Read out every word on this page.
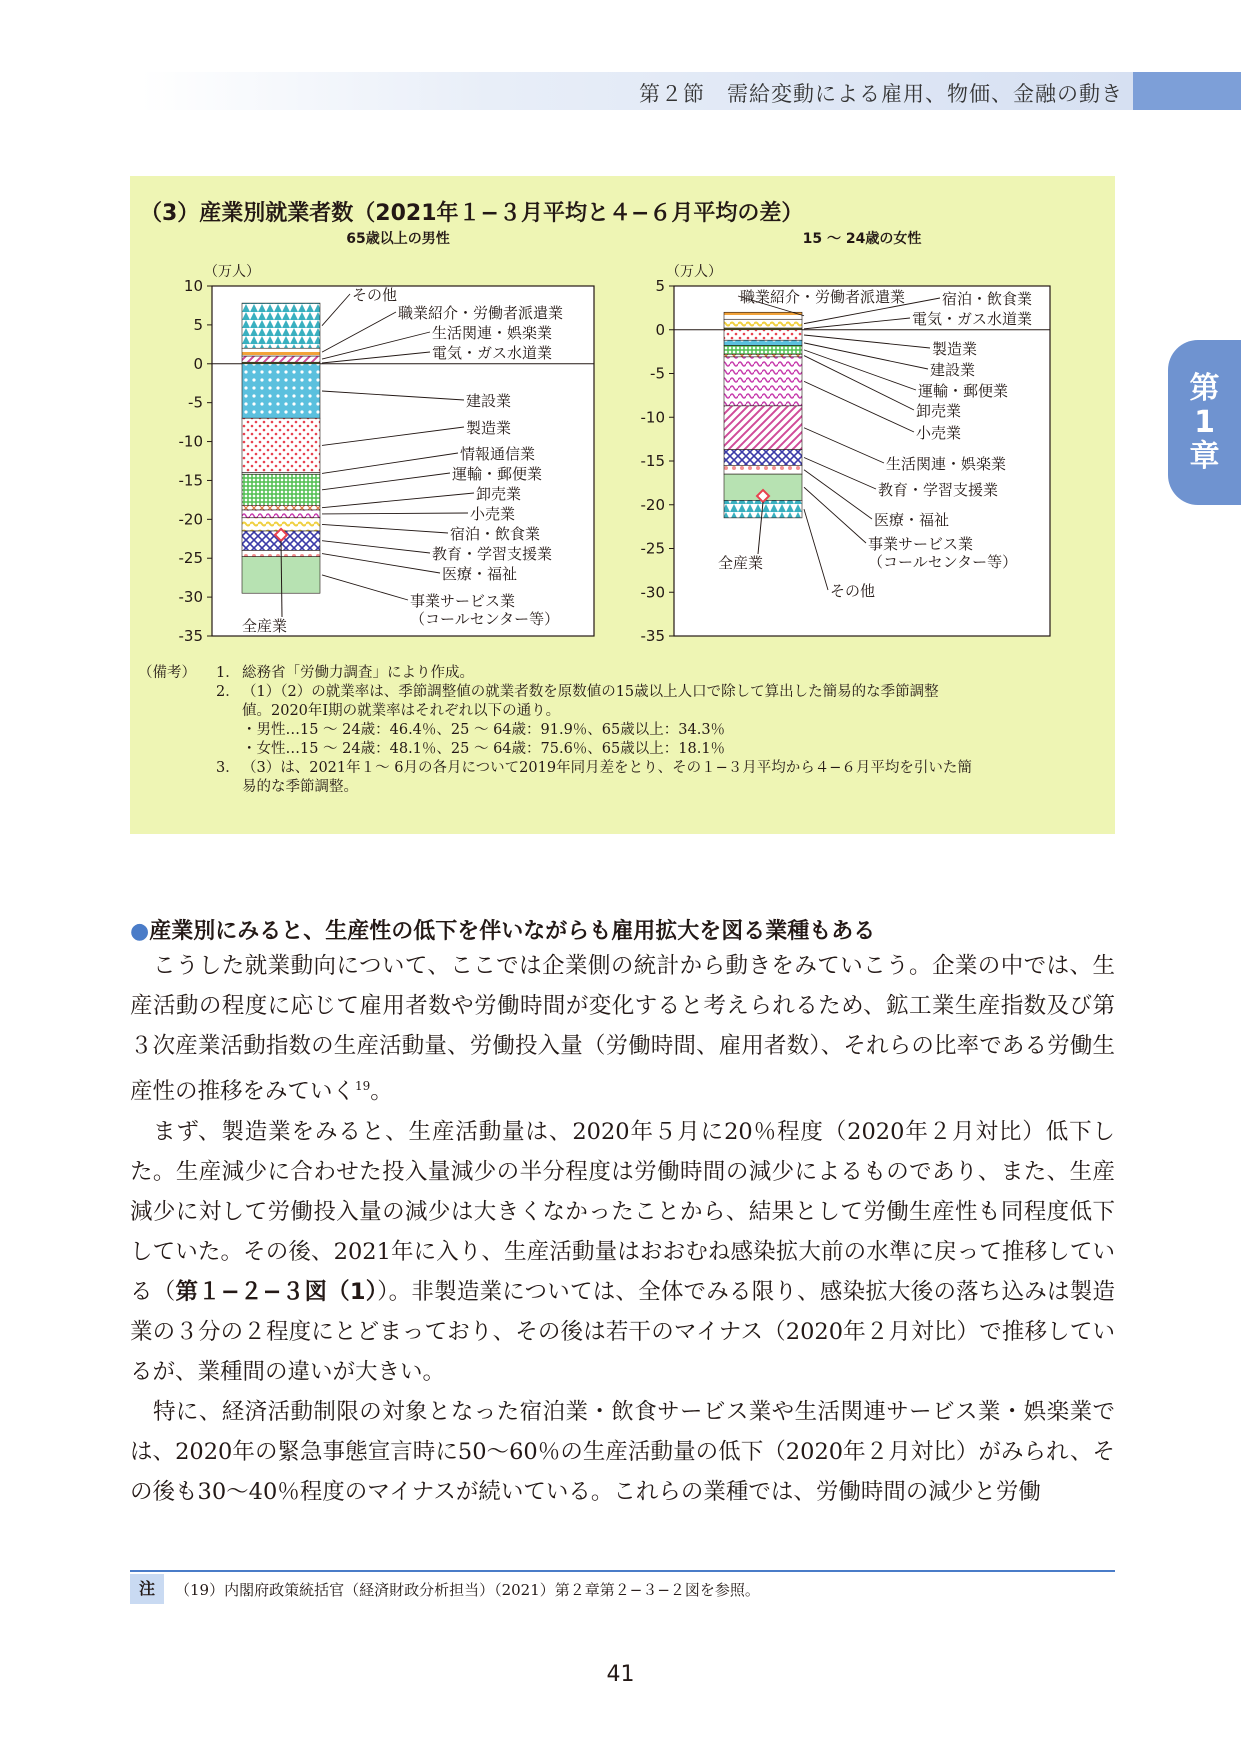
第２節　需給変動による雇用、物価、金融の動き
第
1
章
（3）産業別就業者数（2021年１−３月平均と４−６月平均の差）
65歳以上の男性
（万人）
10
5
0
-5
-10
-15
-20
-25
-30
-35
全産業
その他
職業紹介・労働者派遣業
生活関連・娯楽業
電気・ガス水道業
建設業
製造業
情報通信業
運輸・郵便業
卸売業
小売業
宿泊・飲食業
教育・学習支援業
医療・福祉
事業サービス業
（コールセンター等）
15 ～ 24歳の女性
（万人）
5
0
-5
-10
-15
-20
-25
-30
-35
全産業
職業紹介・労働者派遣業 宿泊・飲食業
電気・ガス水道業
製造業
建設業
運輸・郵便業
卸売業
小売業
生活関連・娯楽業
教育・学習支援業
医療・福祉
事業サービス業
（コールセンター等）
その他
（備考）	1． 総務省「労働力調査」により作成。
2． （1）（2）の就業率は、季節調整値の就業者数を原数値の15歳以上人口で除して算出した簡易的な季節調整
値。2020年Ⅰ期の就業率はそれぞれ以下の通り。
・男性…15 ～ 24歳：46.4％、25 ～ 64歳：91.9％、65歳以上：34.3％
・女性…15 ～ 24歳：48.1％、25 ～ 64歳：75.6％、65歳以上：18.1％
3． （3）は、2021年１～ 6月の各月について2019年同月差をとり、その１−３月平均から４−６月平均を引いた簡
易的な季節調整。
●産業別にみると、生産性の低下を伴いながらも雇用拡大を図る業種もある

こうした就業動向について、ここでは企業側の統計から動きをみていこう。企業の中では、生産活動の程度に応じて雇用者数や労働時間が変化すると考えられるため、鉱工業生産指数及び第３次産業活動指数の生産活動量、労働投入量（労働時間、雇用者数）、それらの比率である労働生産性の推移をみていく$^{19}$。

まず、製造業をみると、生産活動量は、2020年５月に20％程度（2020年２月対比）低下した。生産減少に合わせた投入量減少の半分程度は労働時間の減少によるものであり、また、生産減少に対して労働投入量の減少は大きくなかったことから、結果として労働生産性も同程度低下していた。その後、2021年に入り、生産活動量はおおむね感染拡大前の水準に戻って推移している（第１−２−３図（1））。非製造業については、全体でみる限り、感染拡大後の落ち込みは製造業の３分の２程度にとどまっており、その後は若干のマイナス（2020年２月対比）で推移しているが、業種間の違いが大きい。

特に、経済活動制限の対象となった宿泊業・飲食サービス業や生活関連サービス業・娯楽業では、2020年の緊急事態宣言時に50～60％の生産活動量の低下（2020年２月対比）がみられ、その後も30～40％程度のマイナスが続いている。これらの業種では、労働時間の減少と労働

注	（19）内閣府政策統括官（経済財政分析担当）（2021）第２章第２−３−２図を参照。
41
